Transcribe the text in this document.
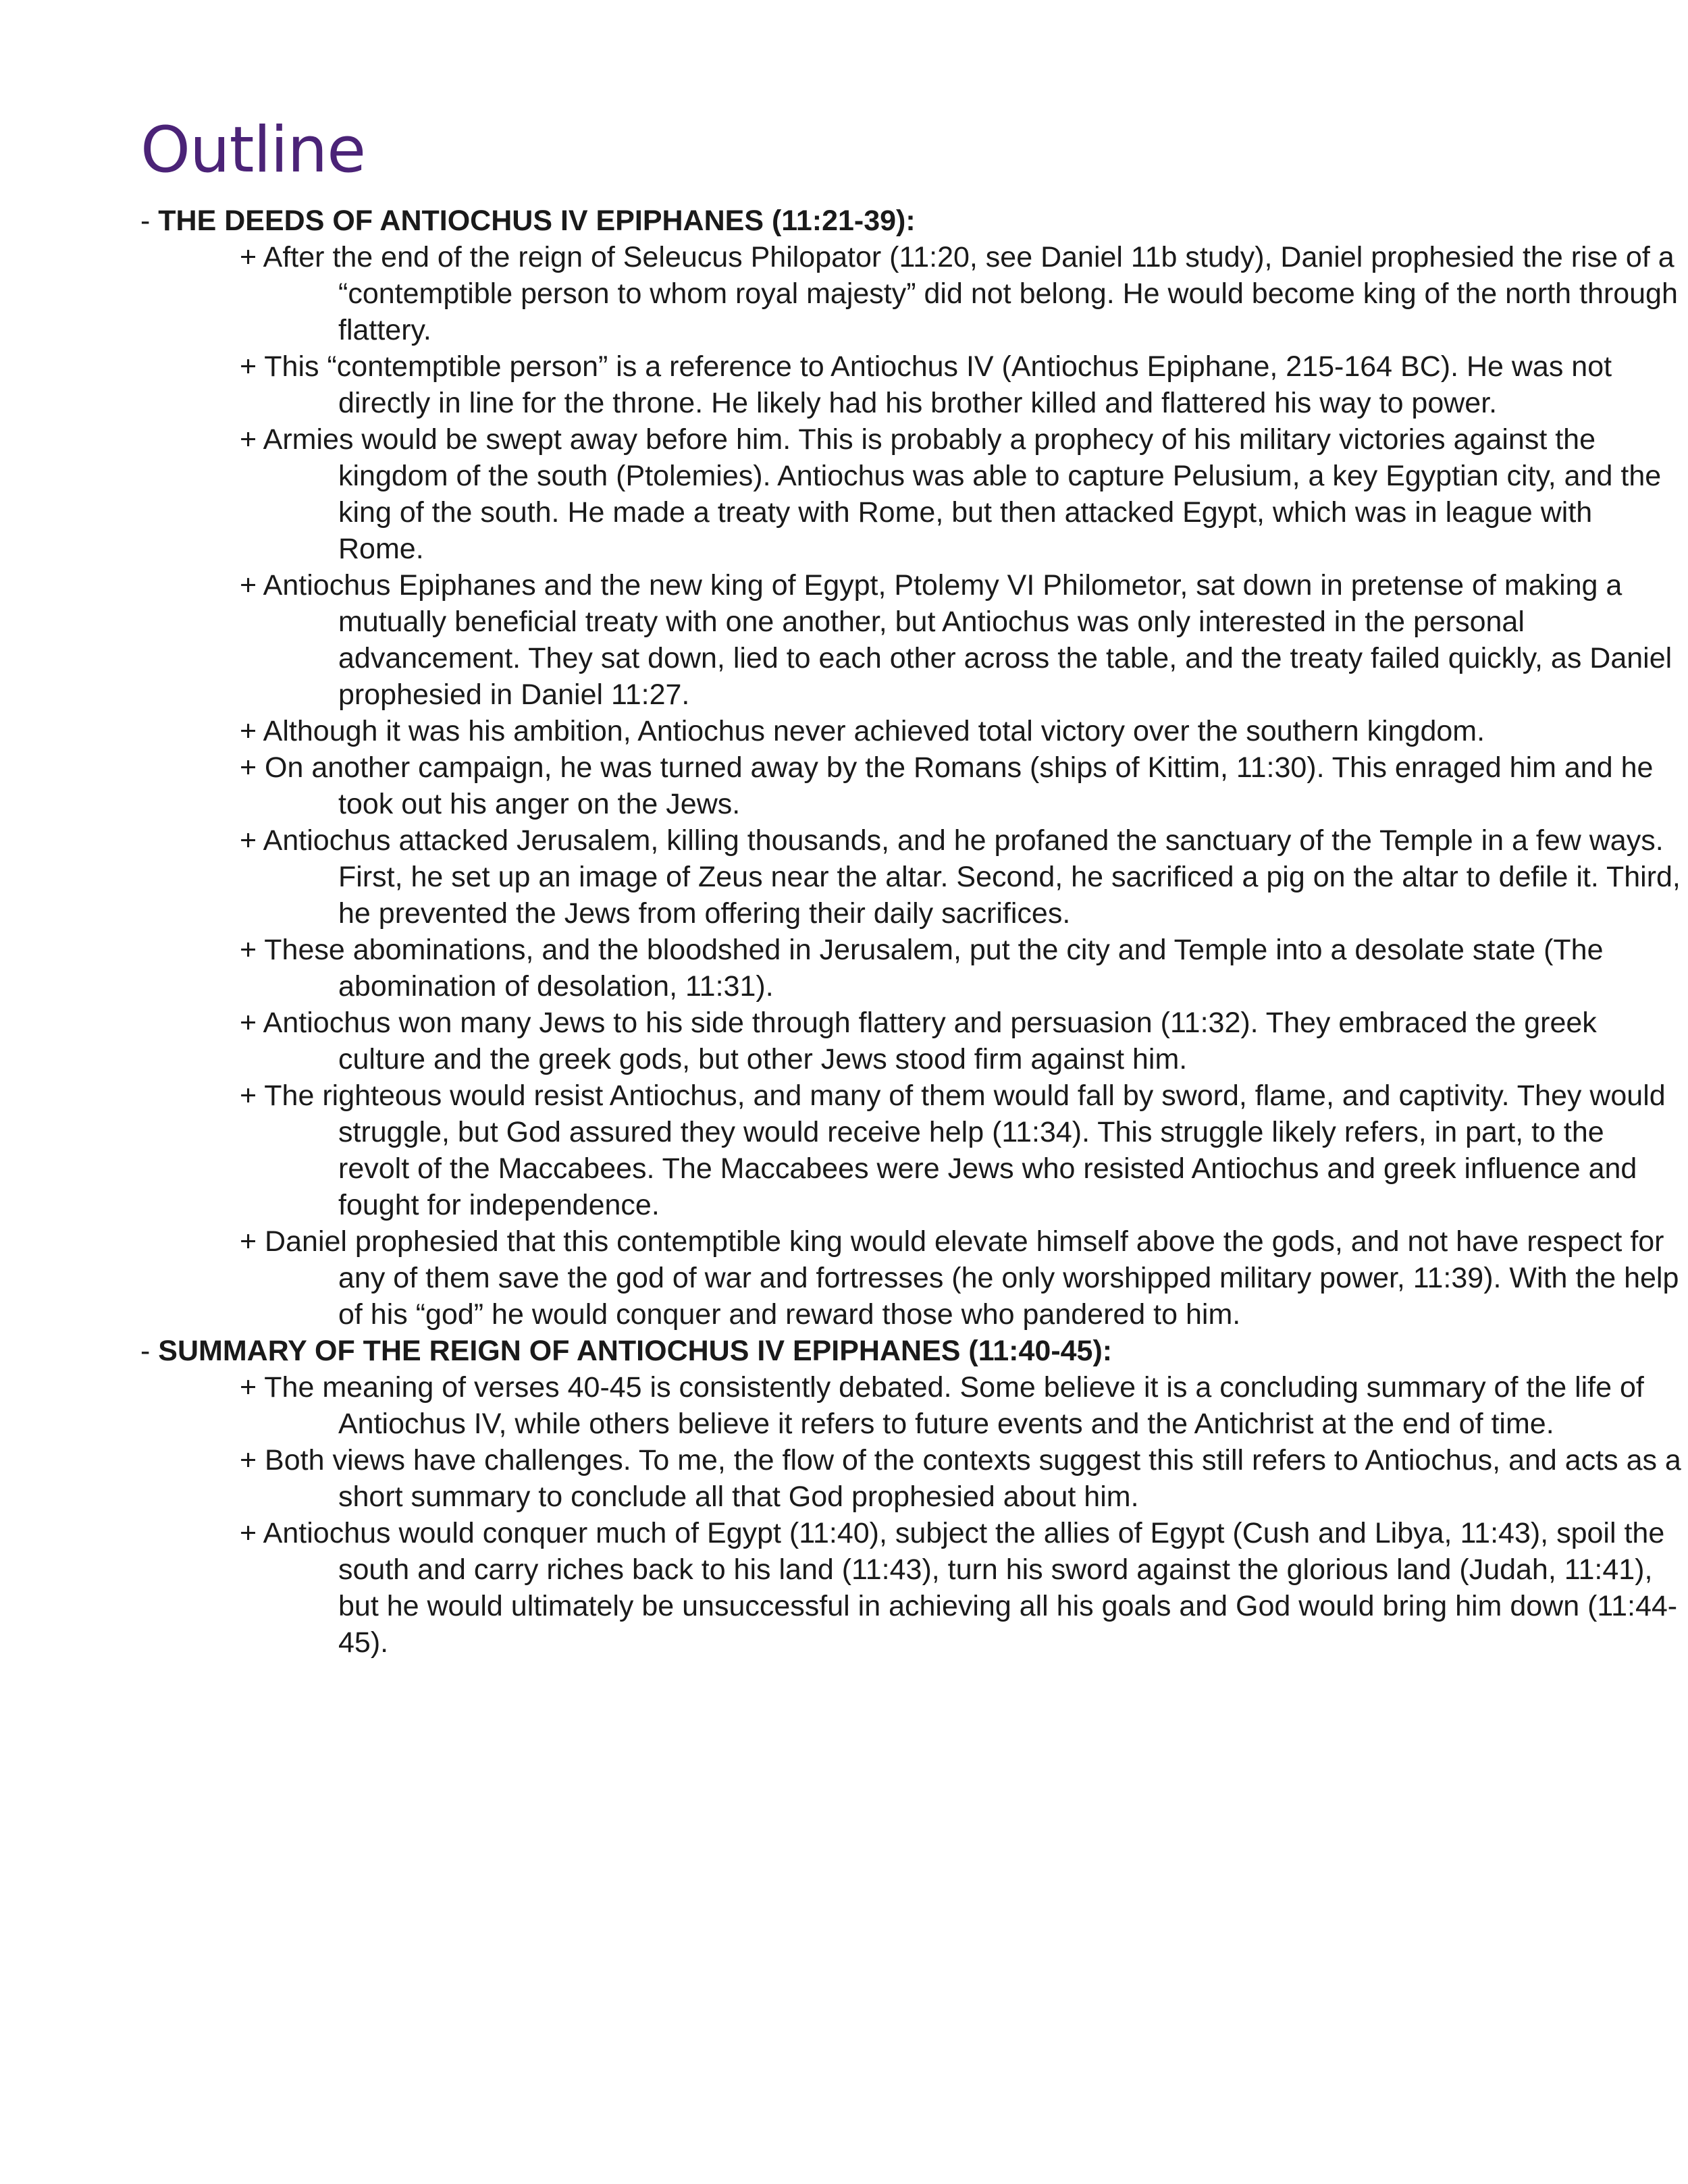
Outline
- THE DEEDS OF ANTIOCHUS IV EPIPHANES (11:21-39):
+ After the end of the reign of Seleucus Philopator (11:20, see Daniel 11b study), Daniel prophesied the rise of a “contemptible person to whom royal majesty” did not belong. He would become king of the north through flattery.
+ This “contemptible person” is a reference to Antiochus IV (Antiochus Epiphane, 215-164 BC). He was not directly in line for the throne. He likely had his brother killed and flattered his way to power.
+ Armies would be swept away before him. This is probably a prophecy of his military victories against the kingdom of the south (Ptolemies). Antiochus was able to capture Pelusium, a key Egyptian city, and the king of the south. He made a treaty with Rome, but then attacked Egypt, which was in league with Rome.
+ Antiochus Epiphanes and the new king of Egypt, Ptolemy VI Philometor, sat down in pretense of making a mutually beneficial treaty with one another, but Antiochus was only interested in the personal advancement. They sat down, lied to each other across the table, and the treaty failed quickly, as Daniel prophesied in Daniel 11:27.
+ Although it was his ambition, Antiochus never achieved total victory over the southern kingdom.
+ On another campaign, he was turned away by the Romans (ships of Kittim, 11:30). This enraged him and he took out his anger on the Jews.
+ Antiochus attacked Jerusalem, killing thousands, and he profaned the sanctuary of the Temple in a few ways. First, he set up an image of Zeus near the altar. Second, he sacrificed a pig on the altar to defile it. Third, he prevented the Jews from offering their daily sacrifices.
+ These abominations, and the bloodshed in Jerusalem, put the city and Temple into a desolate state (The abomination of desolation, 11:31).
+ Antiochus won many Jews to his side through flattery and persuasion (11:32). They embraced the greek culture and the greek gods, but other Jews stood firm against him.
+ The righteous would resist Antiochus, and many of them would fall by sword, flame, and captivity. They would struggle, but God assured they would receive help (11:34). This struggle likely refers, in part, to the revolt of the Maccabees. The Maccabees were Jews who resisted Antiochus and greek influence and fought for independence.
+ Daniel prophesied that this contemptible king would elevate himself above the gods, and not have respect for any of them save the god of war and fortresses (he only worshipped military power, 11:39). With the help of his “god” he would conquer and reward those who pandered to him.
- SUMMARY OF THE REIGN OF ANTIOCHUS IV EPIPHANES (11:40-45):
+ The meaning of verses 40-45 is consistently debated. Some believe it is a concluding summary of the life of Antiochus IV, while others believe it refers to future events and the Antichrist at the end of time.
+ Both views have challenges. To me, the flow of the contexts suggest this still refers to Antiochus, and acts as a short summary to conclude all that God prophesied about him.
+ Antiochus would conquer much of Egypt (11:40), subject the allies of Egypt (Cush and Libya, 11:43), spoil the south and carry riches back to his land (11:43), turn his sword against the glorious land (Judah, 11:41), but he would ultimately be unsuccessful in achieving all his goals and God would bring him down (11:44-45).
